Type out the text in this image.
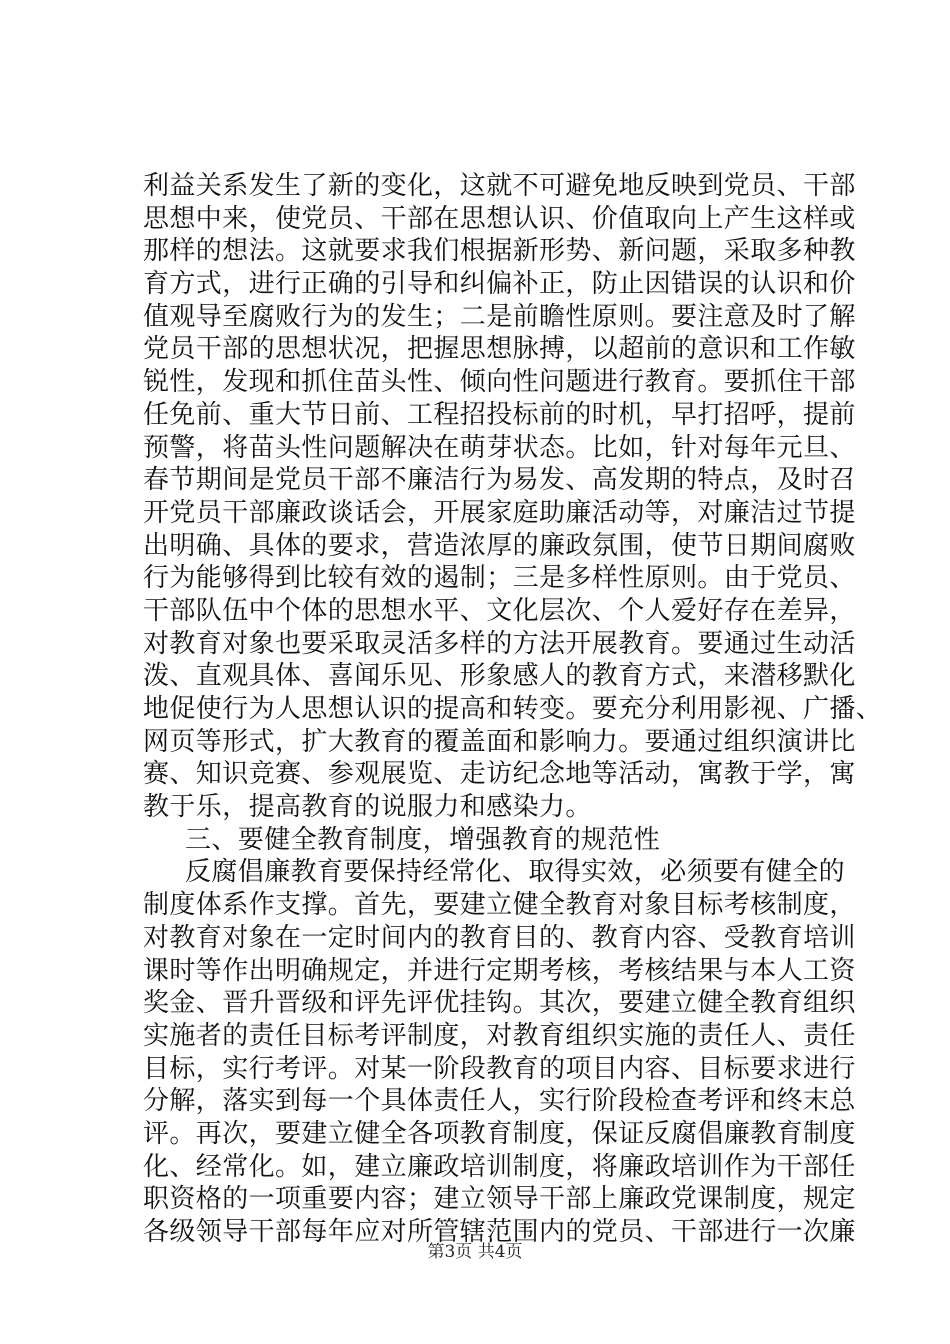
利益关系发生了新的变化，这就不可避免地反映到党员、干部
思想中来，使党员、干部在思想认识、价值取向上产生这样或
那样的想法。这就要求我们根据新形势、新问题，采取多种教
育方式，进行正确的引导和纠偏补正，防止因错误的认识和价
值观导至腐败行为的发生；二是前瞻性原则。要注意及时了解
党员干部的思想状况，把握思想脉搏，以超前的意识和工作敏
锐性，发现和抓住苗头性、倾向性问题进行教育。要抓住干部
任免前、重大节日前、工程招投标前的时机，早打招呼，提前
预警，将苗头性问题解决在萌芽状态。比如，针对每年元旦、
春节期间是党员干部不廉洁行为易发、高发期的特点，及时召
开党员干部廉政谈话会，开展家庭助廉活动等，对廉洁过节提
出明确、具体的要求，营造浓厚的廉政氛围，使节日期间腐败
行为能够得到比较有效的遏制；三是多样性原则。由于党员、
干部队伍中个体的思想水平、文化层次、个人爱好存在差异，
对教育对象也要采取灵活多样的方法开展教育。要通过生动活
泼、直观具体、喜闻乐见、形象感人的教育方式，来潜移默化
地促使行为人思想认识的提高和转变。要充分利用影视、广播、
网页等形式，扩大教育的覆盖面和影响力。要通过组织演讲比
赛、知识竞赛、参观展览、走访纪念地等活动，寓教于学，寓
教于乐，提高教育的说服力和感染力。
三、要健全教育制度，增强教育的规范性
反腐倡廉教育要保持经常化、取得实效，必须要有健全的
制度体系作支撑。首先，要建立健全教育对象目标考核制度，
对教育对象在一定时间内的教育目的、教育内容、受教育培训
课时等作出明确规定，并进行定期考核，考核结果与本人工资
奖金、晋升晋级和评先评优挂钩。其次，要建立健全教育组织
实施者的责任目标考评制度，对教育组织实施的责任人、责任
目标，实行考评。对某一阶段教育的项目内容、目标要求进行
分解，落实到每一个具体责任人，实行阶段检查考评和终末总
评。再次，要建立健全各项教育制度，保证反腐倡廉教育制度
化、经常化。如，建立廉政培训制度，将廉政培训作为干部任
职资格的一项重要内容；建立领导干部上廉政党课制度，规定
各级领导干部每年应对所管辖范围内的党员、干部进行一次廉
第3页 共4页
